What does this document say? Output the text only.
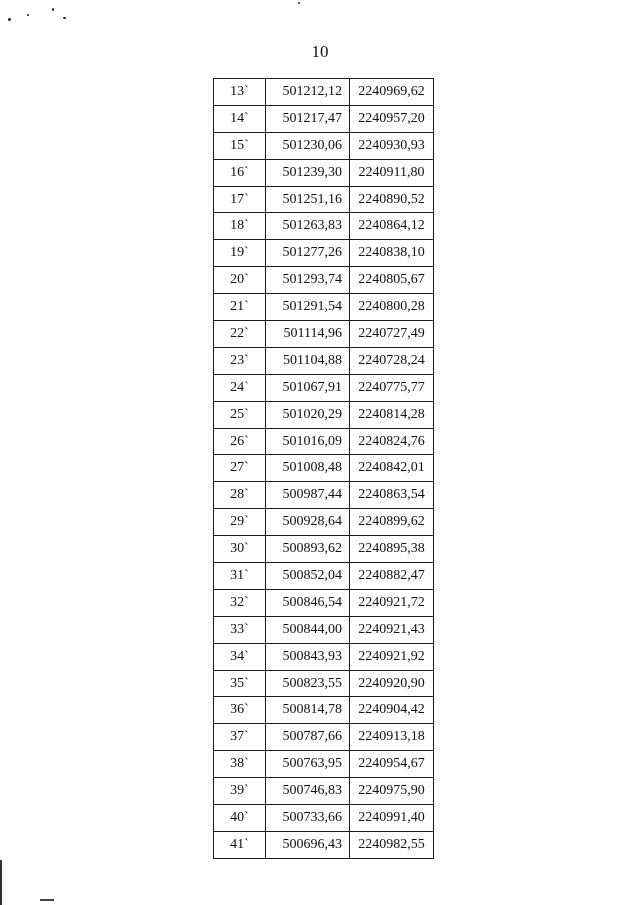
10
13`	501212,12	2240969,62
14`	501217,47	2240957,20
15`	501230,06	2240930,93
16`	501239,30	2240911,80
17`	501251,16	2240890,52
18`	501263,83	2240864,12
19`	501277,26	2240838,10
20`	501293,74	2240805,67
21`	501291,54	2240800,28
22`	501114,96	2240727,49
23`	501104,88	2240728,24
24`	501067,91	2240775,77
25`	501020,29	2240814,28
26`	501016,09	2240824,76
27`	501008,48	2240842,01
28`	500987,44	2240863,54
29`	500928,64	2240899,62
30`	500893,62	2240895,38
31`	500852,04	2240882,47
32`	500846,54	2240921,72
33`	500844,00	2240921,43
34`	500843,93	2240921,92
35`	500823,55	2240920,90
36`	500814,78	2240904,42
37`	500787,66	2240913,18
38`	500763,95	2240954,67
39`	500746,83	2240975,90
40`	500733,66	2240991,40
41`	500696,43	2240982,55
